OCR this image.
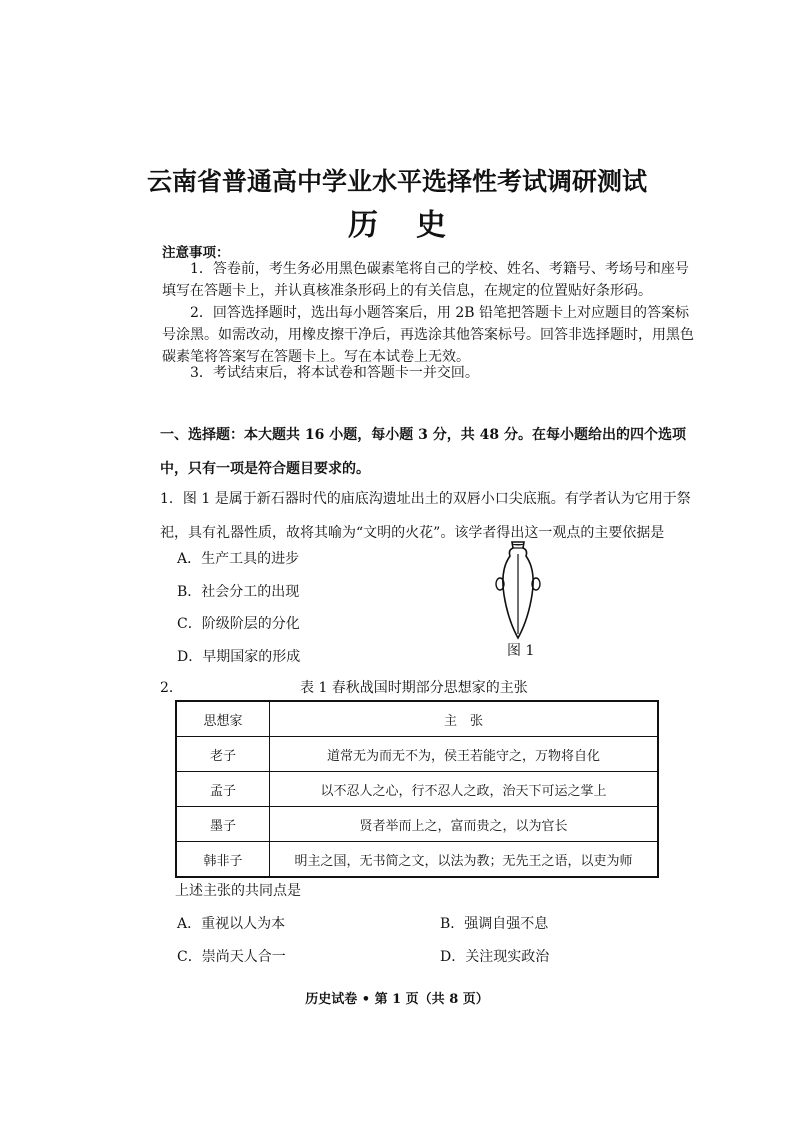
云南省普通高中学业水平选择性考试调研测试
历史
注意事项：
1．答卷前，考生务必用黑色碳素笔将自己的学校、姓名、考籍号、考场号和座号填写在答题卡上，并认真核准条形码上的有关信息，在规定的位置贴好条形码。
2．回答选择题时，选出每小题答案后，用 2B 铅笔把答题卡上对应题目的答案标号涂黑。如需改动，用橡皮擦干净后，再选涂其他答案标号。回答非选择题时，用黑色碳素笔将答案写在答题卡上。写在本试卷上无效。
3．考试结束后，将本试卷和答题卡一并交回。
一、选择题：本大题共 16 小题，每小题 3 分，共 48 分。在每小题给出的四个选项中，只有一项是符合题目要求的。
1．图 1 是属于新石器时代的庙底沟遗址出土的双唇小口尖底瓶。有学者认为它用于祭祀，具有礼器性质，故将其喻为“文明的火花”。该学者得出这一观点的主要依据是
A．生产工具的进步
B．社会分工的出现
C．阶级阶层的分化
D．早期国家的形成	图 1
2．	表 1 春秋战国时期部分思想家的主张
思想家	主　张
老子	道常无为而无不为，侯王若能守之，万物将自化
孟子	以不忍人之心，行不忍人之政，治天下可运之掌上
墨子	贤者举而上之，富而贵之，以为官长
韩非子	明主之国，无书简之文，以法为教；无先王之语，以吏为师
上述主张的共同点是
A．重视以人为本	B．强调自强不息
C．崇尚天人合一	D．关注现实政治
历史试卷 • 第 1 页（共 8 页）
